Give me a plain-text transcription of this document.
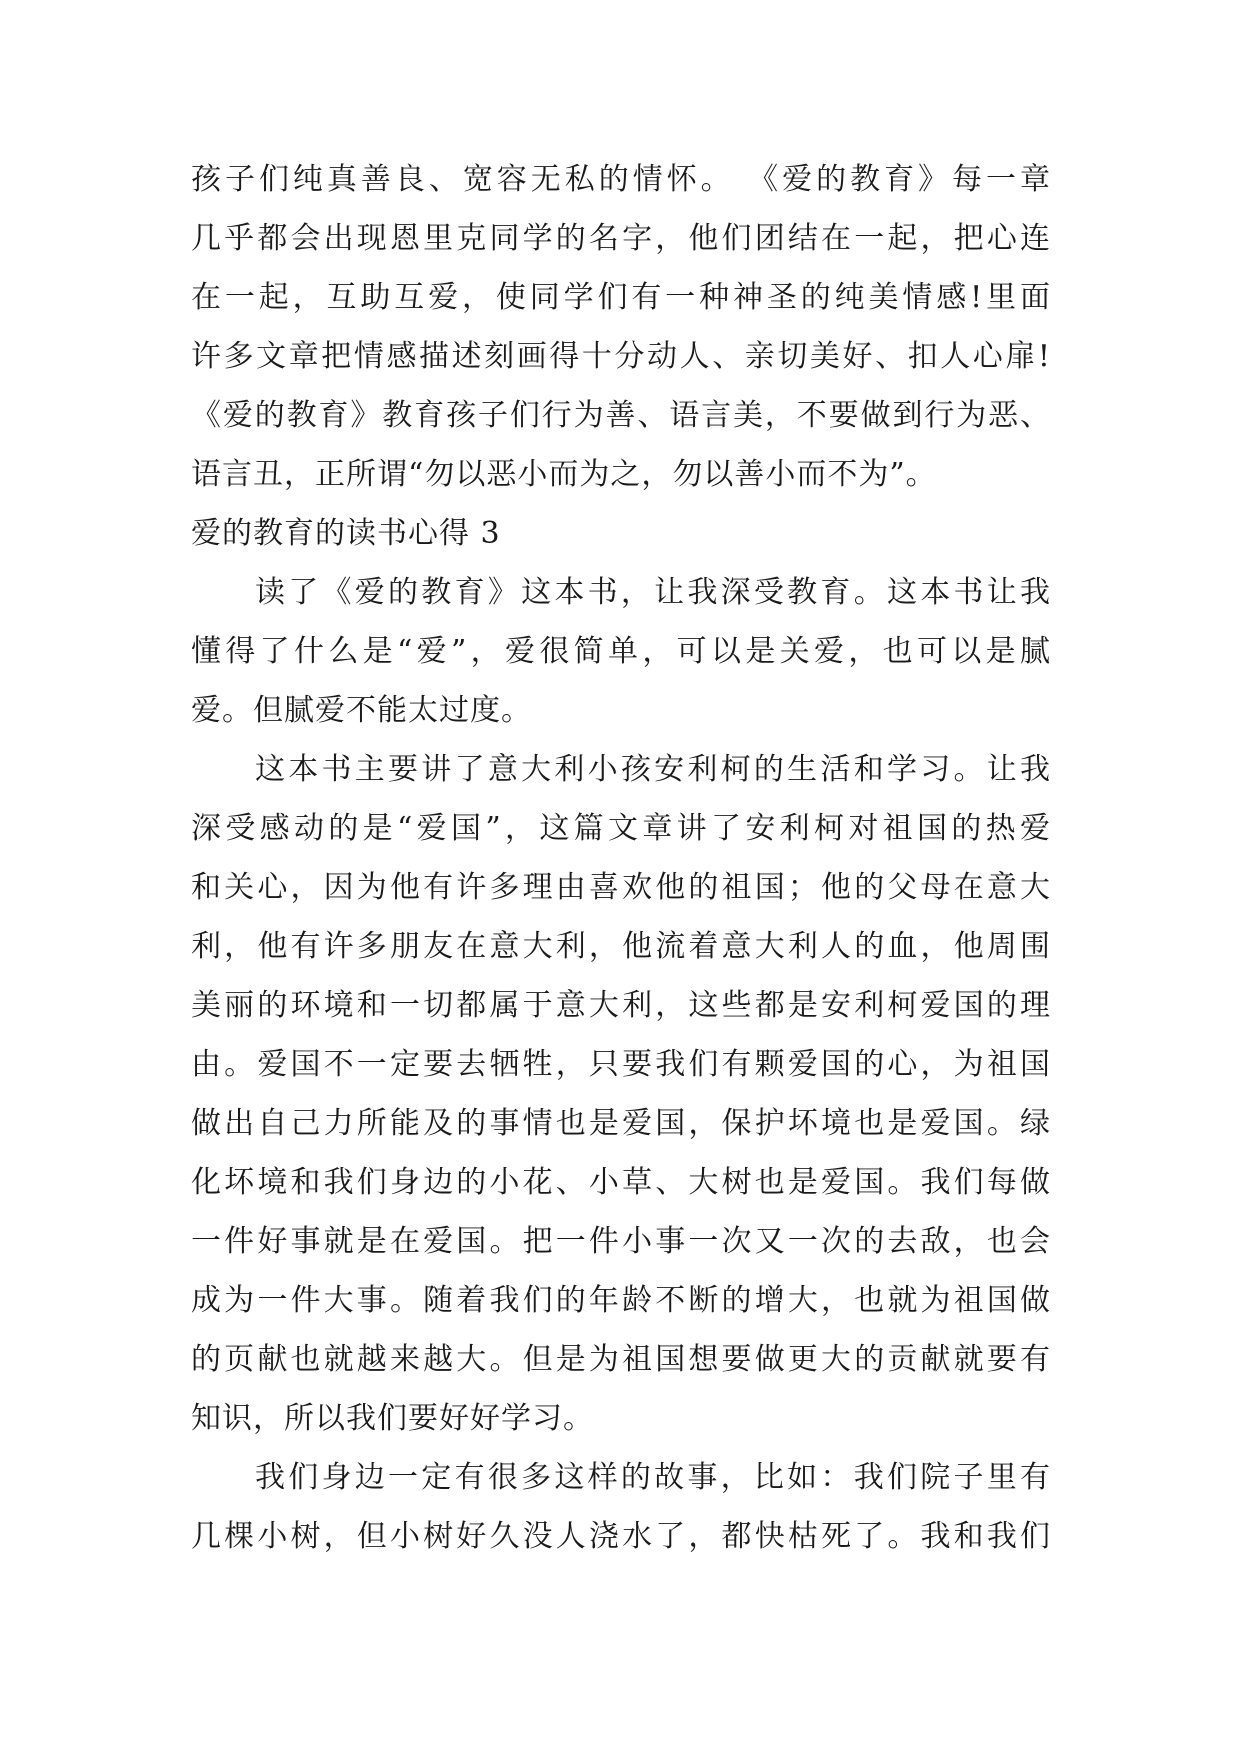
孩子们纯真善良、宽容无私的情怀。 《爱的教育》每一章
几乎都会出现恩里克同学的名字，他们团结在一起，把心连
在一起，互助互爱，使同学们有一种神圣的纯美情感!里面
许多文章把情感描述刻画得十分动人、亲切美好、扣人心扉!
《爱的教育》教育孩子们行为善、语言美，不要做到行为恶、
语言丑，正所谓“勿以恶小而为之，勿以善小而不为”。
爱的教育的读书心得 3
读了《爱的教育》这本书，让我深受教育。这本书让我
懂得了什么是“爱”，爱很简单，可以是关爱，也可以是腻
爱。但腻爱不能太过度。
这本书主要讲了意大利小孩安利柯的生活和学习。让我
深受感动的是“爱国”，这篇文章讲了安利柯对祖国的热爱
和关心，因为他有许多理由喜欢他的祖国；他的父母在意大
利，他有许多朋友在意大利，他流着意大利人的血，他周围
美丽的环境和一切都属于意大利，这些都是安利柯爱国的理
由。爱国不一定要去牺牲，只要我们有颗爱国的心，为祖国
做出自己力所能及的事情也是爱国，保护坏境也是爱国。绿
化坏境和我们身边的小花、小草、大树也是爱国。我们每做
一件好事就是在爱国。把一件小事一次又一次的去敌，也会
成为一件大事。随着我们的年龄不断的增大，也就为祖国做
的页献也就越来越大。但是为祖国想要做更大的贡献就要有
知识，所以我们要好好学习。
我们身边一定有很多这样的故事，比如：我们院子里有
几棵小树，但小树好久没人浇水了，都快枯死了。我和我们
